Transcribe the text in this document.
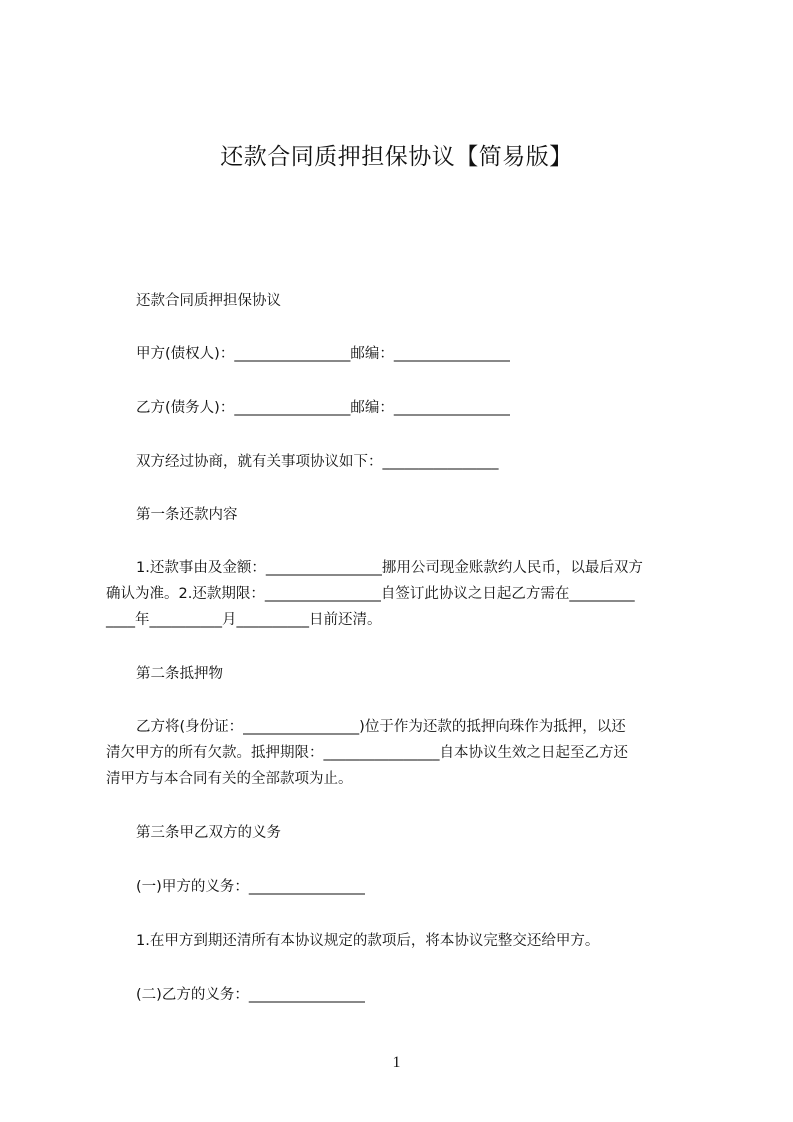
还款合同质押担保协议【简易版】
还款合同质押担保协议
甲方(债权人)：________________邮编：________________
乙方(债务人)：________________邮编：________________
双方经过协商，就有关事项协议如下：________________
第一条还款内容
1.还款事由及金额：________________挪用公司现金账款约人民币，以最后双方
确认为准。2.还款期限：________________自签订此协议之日起乙方需在_________
____年__________月__________日前还清。
第二条抵押物
乙方将(身份证：________________)位于作为还款的抵押向珠作为抵押，以还
清欠甲方的所有欠款。抵押期限：________________自本协议生效之日起至乙方还
清甲方与本合同有关的全部款项为止。
第三条甲乙双方的义务
(一)甲方的义务：________________
1.在甲方到期还清所有本协议规定的款项后，将本协议完整交还给甲方。
(二)乙方的义务：________________
1
